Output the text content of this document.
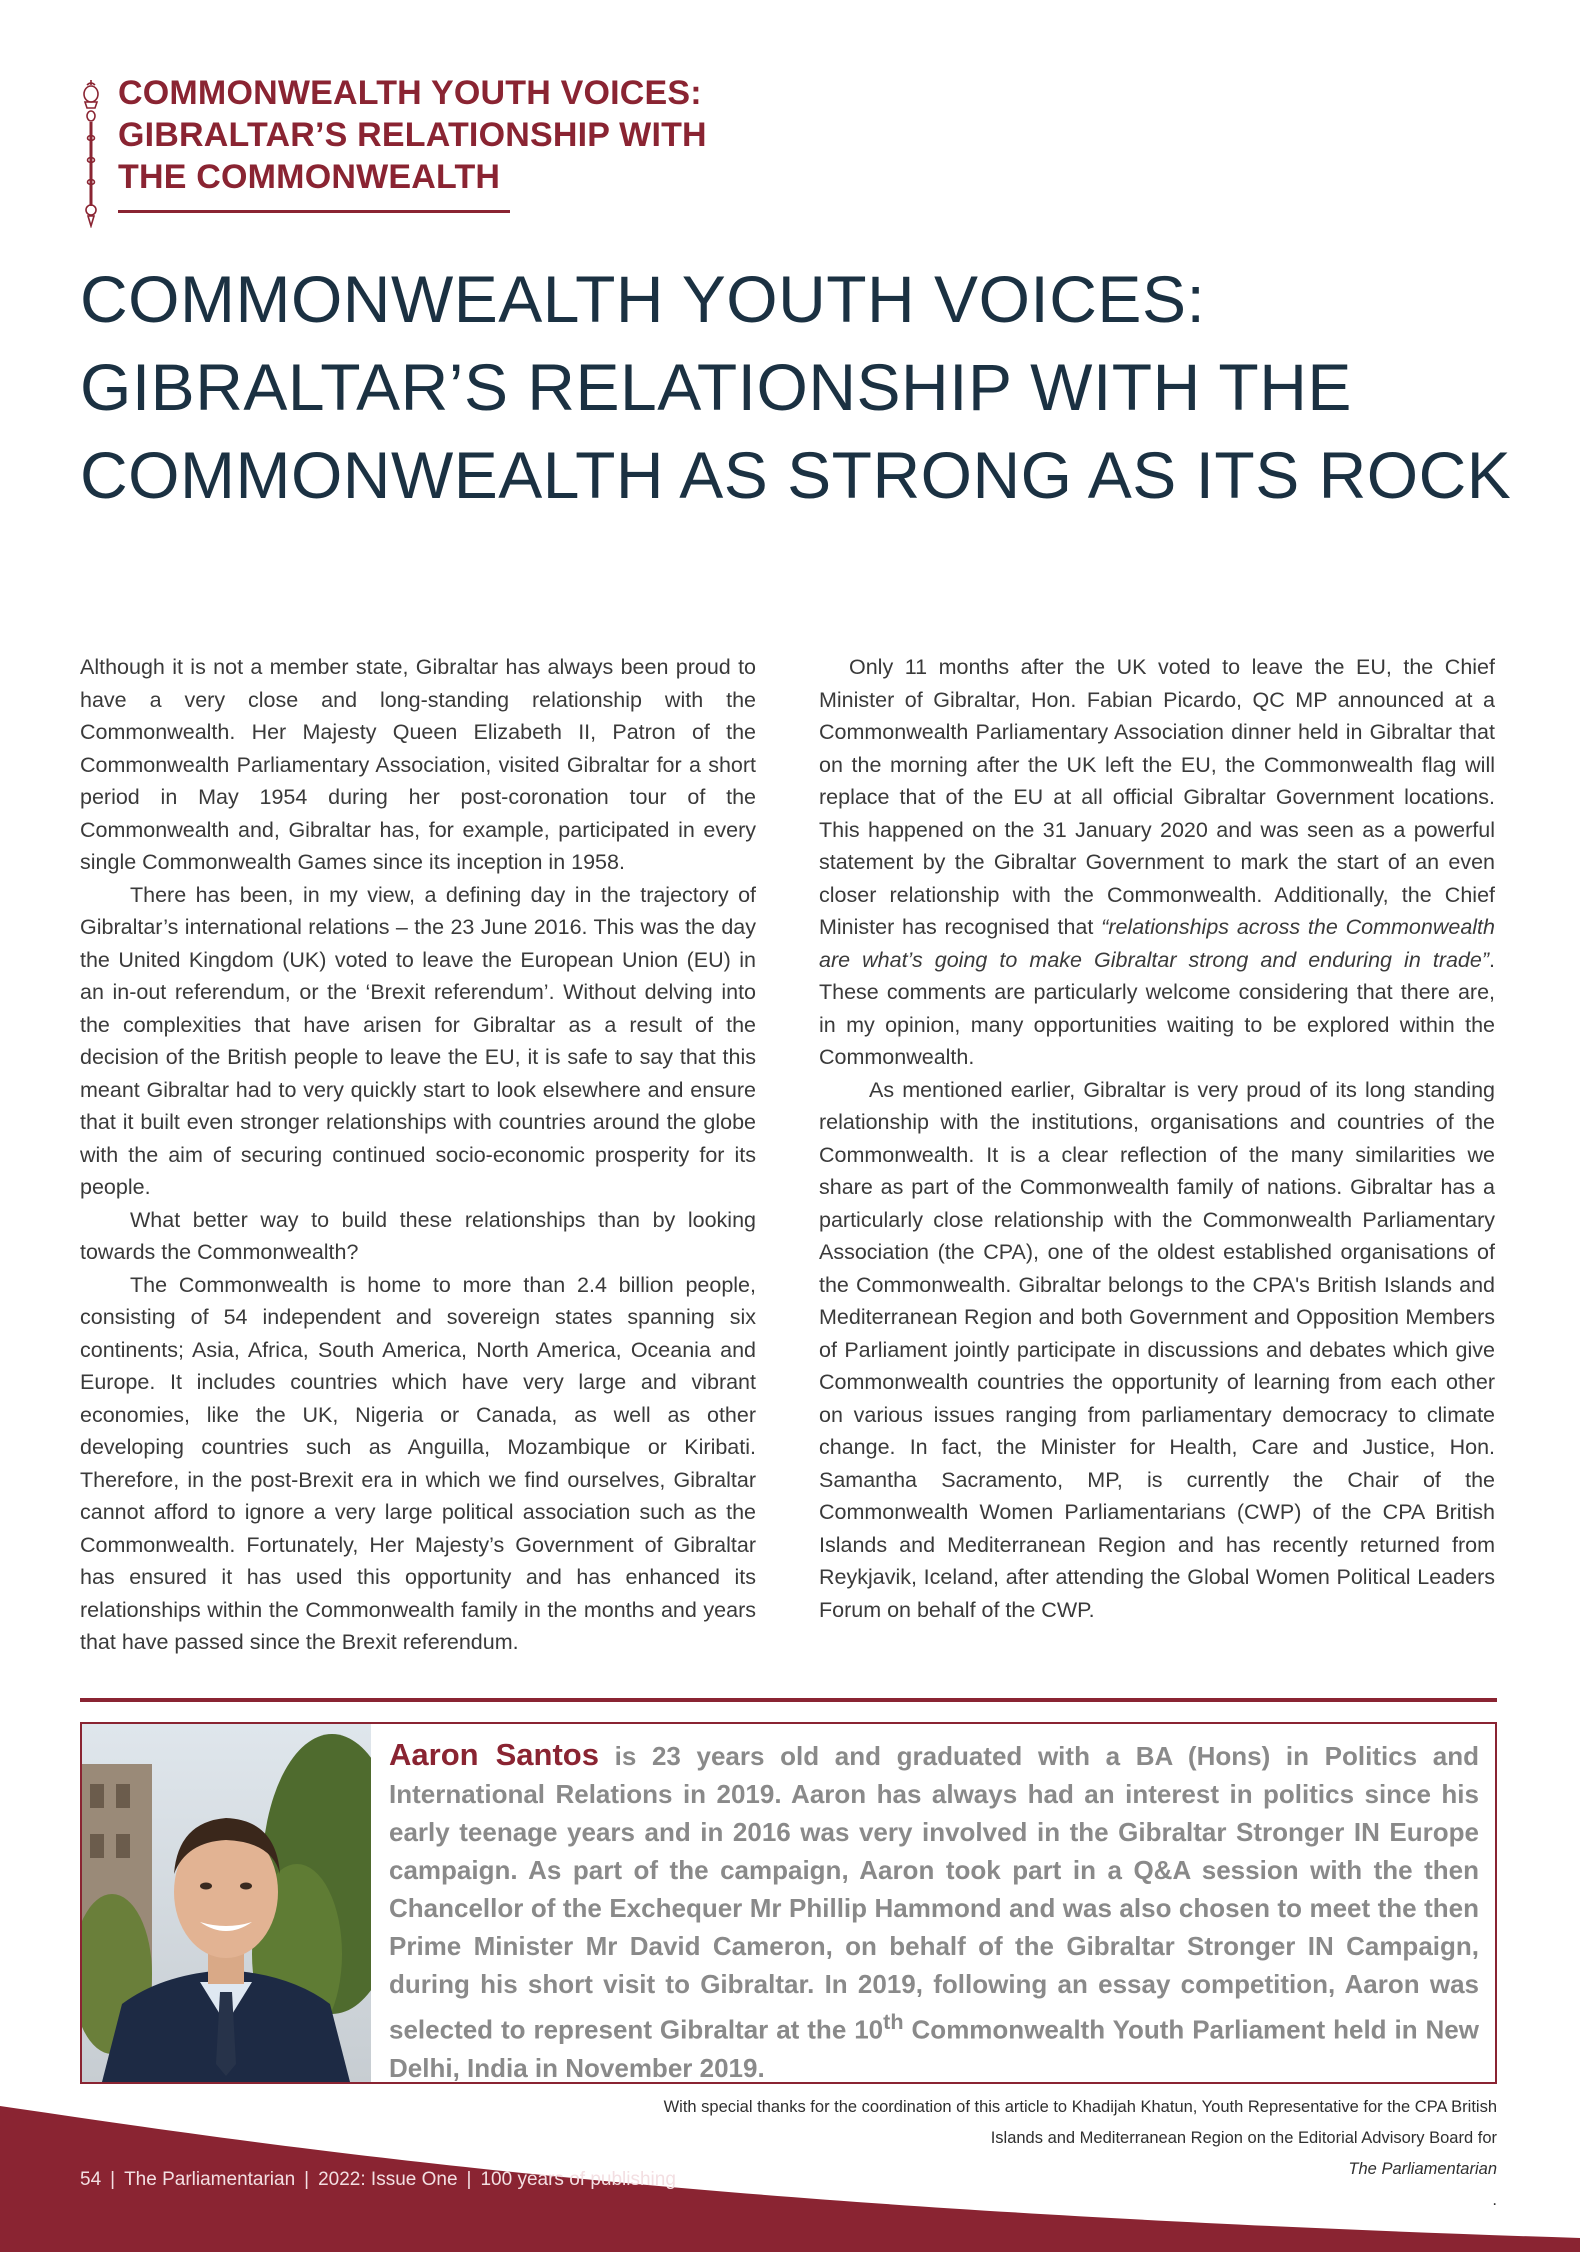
COMMONWEALTH YOUTH VOICES:
GIBRALTAR’S RELATIONSHIP WITH
THE COMMONWEALTH
COMMONWEALTH YOUTH VOICES:
GIBRALTAR’S RELATIONSHIP WITH THE
COMMONWEALTH AS STRONG AS ITS ROCK

Although it is not a member state, Gibraltar has always been proud to have a very close and long-standing relationship with the Commonwealth. Her Majesty Queen Elizabeth II, Patron of the Commonwealth Parliamentary Association, visited Gibraltar for a short period in May 1954 during her post-coronation tour of the Commonwealth and, Gibraltar has, for example, participated in every single Commonwealth Games since its inception in 1958.

There has been, in my view, a defining day in the trajectory of Gibraltar’s international relations – the 23 June 2016. This was the day the United Kingdom (UK) voted to leave the European Union (EU) in an in-out referendum, or the ‘Brexit referendum’. Without delving into the complexities that have arisen for Gibraltar as a result of the decision of the British people to leave the EU, it is safe to say that this meant Gibraltar had to very quickly start to look elsewhere and ensure that it built even stronger relationships with countries around the globe with the aim of securing continued socio-economic prosperity for its people.

What better way to build these relationships than by looking towards the Commonwealth?

The Commonwealth is home to more than 2.4 billion people, consisting of 54 independent and sovereign states spanning six continents; Asia, Africa, South America, North America, Oceania and Europe. It includes countries which have very large and vibrant economies, like the UK, Nigeria or Canada, as well as other developing countries such as Anguilla, Mozambique or Kiribati. Therefore, in the post-Brexit era in which we find ourselves, Gibraltar cannot afford to ignore a very large political association such as the Commonwealth. Fortunately, Her Majesty’s Government of Gibraltar has ensured it has used this opportunity and has enhanced its relationships within the Commonwealth family in the months and years that have passed since the Brexit referendum.

Only 11 months after the UK voted to leave the EU, the Chief Minister of Gibraltar, Hon. Fabian Picardo, QC MP announced at a Commonwealth Parliamentary Association dinner held in Gibraltar that on the morning after the UK left the EU, the Commonwealth flag will replace that of the EU at all official Gibraltar Government locations. This happened on the 31 January 2020 and was seen as a powerful statement by the Gibraltar Government to mark the start of an even closer relationship with the Commonwealth. Additionally, the Chief Minister has recognised that “relationships across the Commonwealth are what’s going to make Gibraltar strong and enduring in trade”. These comments are particularly welcome considering that there are, in my opinion, many opportunities waiting to be explored within the Commonwealth.

As mentioned earlier, Gibraltar is very proud of its long standing relationship with the institutions, organisations and countries of the Commonwealth. It is a clear reflection of the many similarities we share as part of the Commonwealth family of nations. Gibraltar has a particularly close relationship with the Commonwealth Parliamentary Association (the CPA), one of the oldest established organisations of the Commonwealth. Gibraltar belongs to the CPA's British Islands and Mediterranean Region and both Government and Opposition Members of Parliament jointly participate in discussions and debates which give Commonwealth countries the opportunity of learning from each other on various issues ranging from parliamentary democracy to climate change. In fact, the Minister for Health, Care and Justice, Hon. Samantha Sacramento, MP, is currently the Chair of the Commonwealth Women Parliamentarians (CWP) of the CPA British Islands and Mediterranean Region and has recently returned from Reykjavik, Iceland, after attending the Global Women Political Leaders Forum on behalf of the CWP.

Aaron Santos is 23 years old and graduated with a BA (Hons) in Politics and International Relations in 2019. Aaron has always had an interest in politics since his early teenage years and in 2016 was very involved in the Gibraltar Stronger IN Europe campaign. As part of the campaign, Aaron took part in a Q&A session with the then Chancellor of the Exchequer Mr Phillip Hammond and was also chosen to meet the then Prime Minister Mr David Cameron, on behalf of the Gibraltar Stronger IN Campaign, during his short visit to Gibraltar. In 2019, following an essay competition, Aaron was selected to represent Gibraltar at the 10th Commonwealth Youth Parliament held in New Delhi, India in November 2019.
With special thanks for the coordination of this article to Khadijah Khatun, Youth Representative for the CPA British
Islands and Mediterranean Region on the Editorial Advisory Board for
The Parliamentarian
.
54 | The Parliamentarian | 2022: Issue One | 100 years of publishing
